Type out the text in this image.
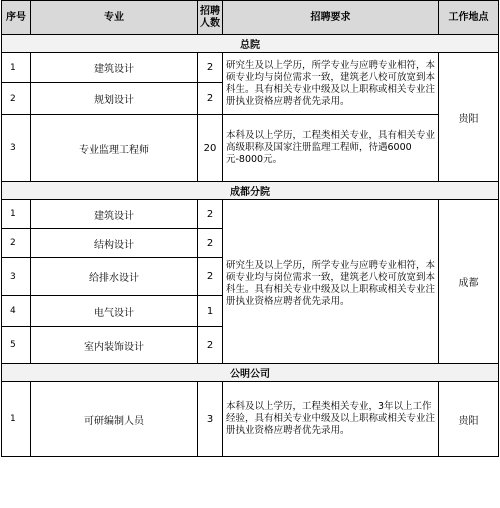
序号	专业	招聘人数	招聘要求	工作地点
总院				
1	建筑设计	2	研究生及以上学历，所学专业与应聘专业相符，本硕专业均与岗位需求一致，建筑老八校可放宽到本科生。具有相关专业中级及以上职称或相关专业注册执业资格应聘者优先录用。	贵阳
2	规划设计	2		
3	专业监理工程师	20	本科及以上学历，工程类相关专业，具有相关专业高级职称及国家注册监理工程师，待遇6000元-8000元。	
成都分院				
1	建筑设计	2	研究生及以上学历，所学专业与应聘专业相符，本硕专业均与岗位需求一致，建筑老八校可放宽到本科生。具有相关专业中级及以上职称或相关专业注册执业资格应聘者优先录用。	成都
2	结构设计	2		
3	给排水设计	2		
4	电气设计	1		
5	室内装饰设计	2		
公明公司				
1	可研编制人员	3	本科及以上学历，工程类相关专业，3年以上工作经验，具有相关专业中级及以上职称或相关专业注册执业资格应聘者优先录用。	贵阳
